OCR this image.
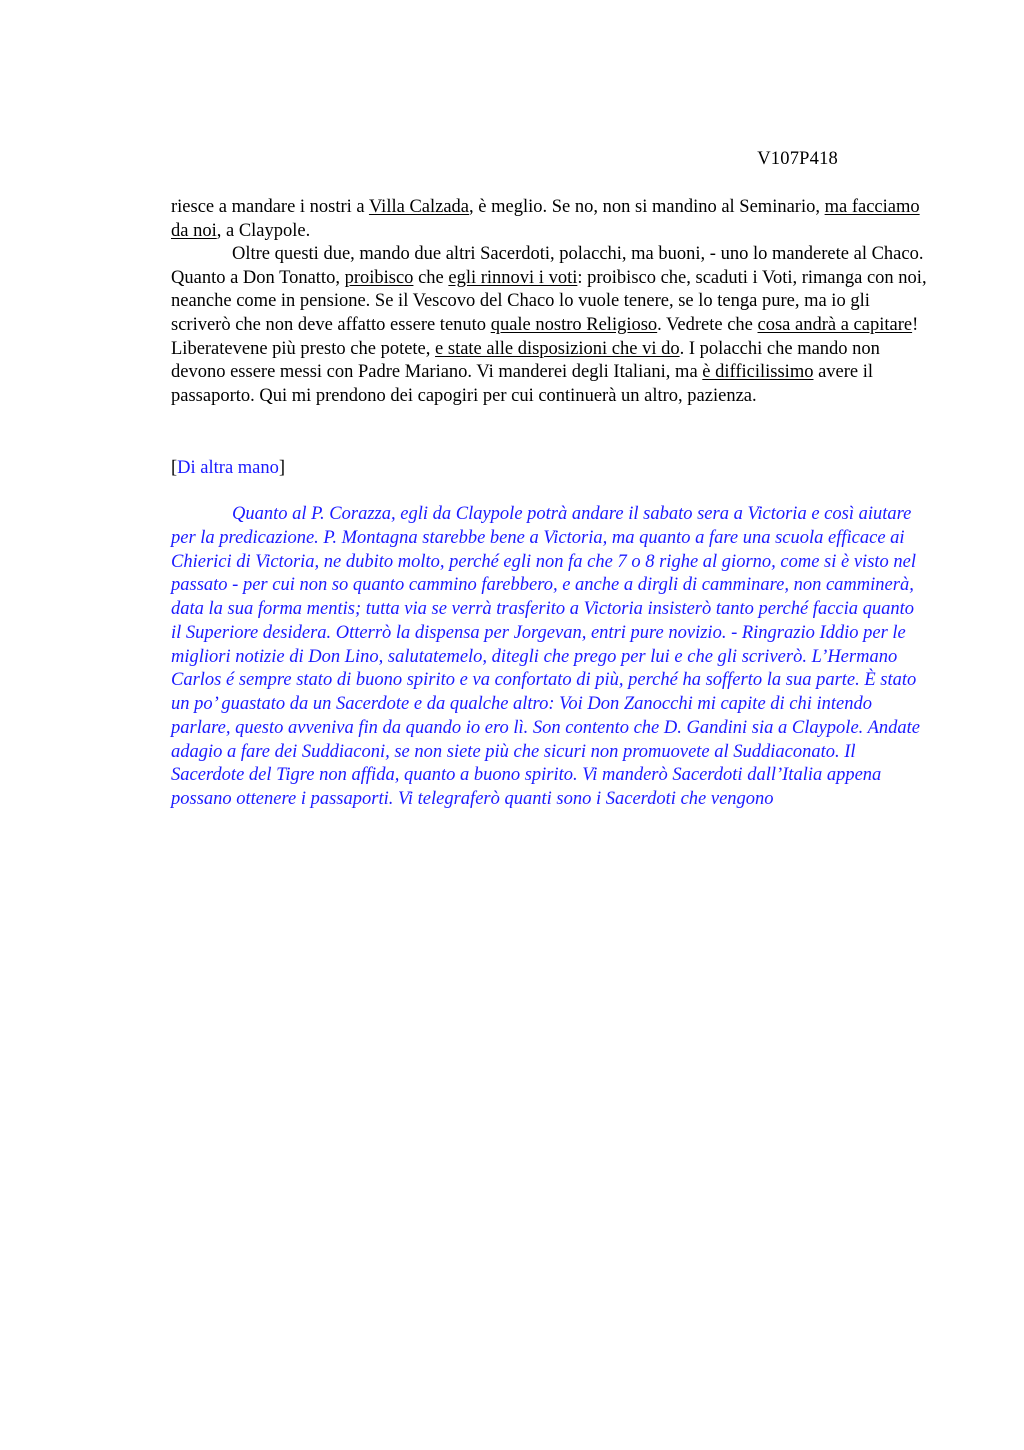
V107P418

riesce a mandare i nostri a Villa Calzada, è meglio. Se no, non si mandino al Seminario, ma facciamo da noi, a Claypole.

Oltre questi due, mando due altri Sacerdoti, polacchi, ma buoni, - uno lo manderete al Chaco. Quanto a Don Tonatto, proibisco che egli rinnovi i voti: proibisco che, scaduti i Voti, rimanga con noi, neanche come in pensione. Se il Vescovo del Chaco lo vuole tenere, se lo tenga pure, ma io gli scriverò che non deve affatto essere tenuto quale nostro Religioso. Vedrete che cosa andrà a capitare! Liberatevene più presto che potete, e state alle disposizioni che vi do. I polacchi che mando non devono essere messi con Padre Mariano. Vi manderei degli Italiani, ma è difficilissimo avere il passaporto. Qui mi prendono dei capogiri per cui continuerà un altro, pazienza.

[Di altra mano]

Quanto al P. Corazza, egli da Claypole potrà andare il sabato sera a Victoria e così aiutare per la predicazione. P. Montagna starebbe bene a Victoria, ma quanto a fare una scuola efficace ai Chierici di Victoria, ne dubito molto, perché egli non fa che 7 o 8 righe al giorno, come si è visto nel passato - per cui non so quanto cammino farebbero, e anche a dirgli di camminare, non camminerà, data la sua forma mentis; tutta via se verrà trasferito a Victoria insisterò tanto perché faccia quanto il Superiore desidera. Otterrò la dispensa per Jorgevan, entri pure novizio. - Ringrazio Iddio per le migliori notizie di Don Lino, salutatemelo, ditegli che prego per lui e che gli scriverò. L’Hermano Carlos é sempre stato di buono spirito e va confortato di più, perché ha sofferto la sua parte. È stato un po’ guastato da un Sacerdote e da qualche altro: Voi Don Zanocchi mi capite di chi intendo parlare, questo avveniva fin da quando io ero lì. Son contento che D. Gandini sia a Claypole. Andate adagio a fare dei Suddiaconi, se non siete più che sicuri non promuovete al Suddiaconato. Il Sacerdote del Tigre non affida, quanto a buono spirito. Vi manderò Sacerdoti dall’Italia appena possano ottenere i passaporti. Vi telegraferò quanti sono i Sacerdoti che vengono
